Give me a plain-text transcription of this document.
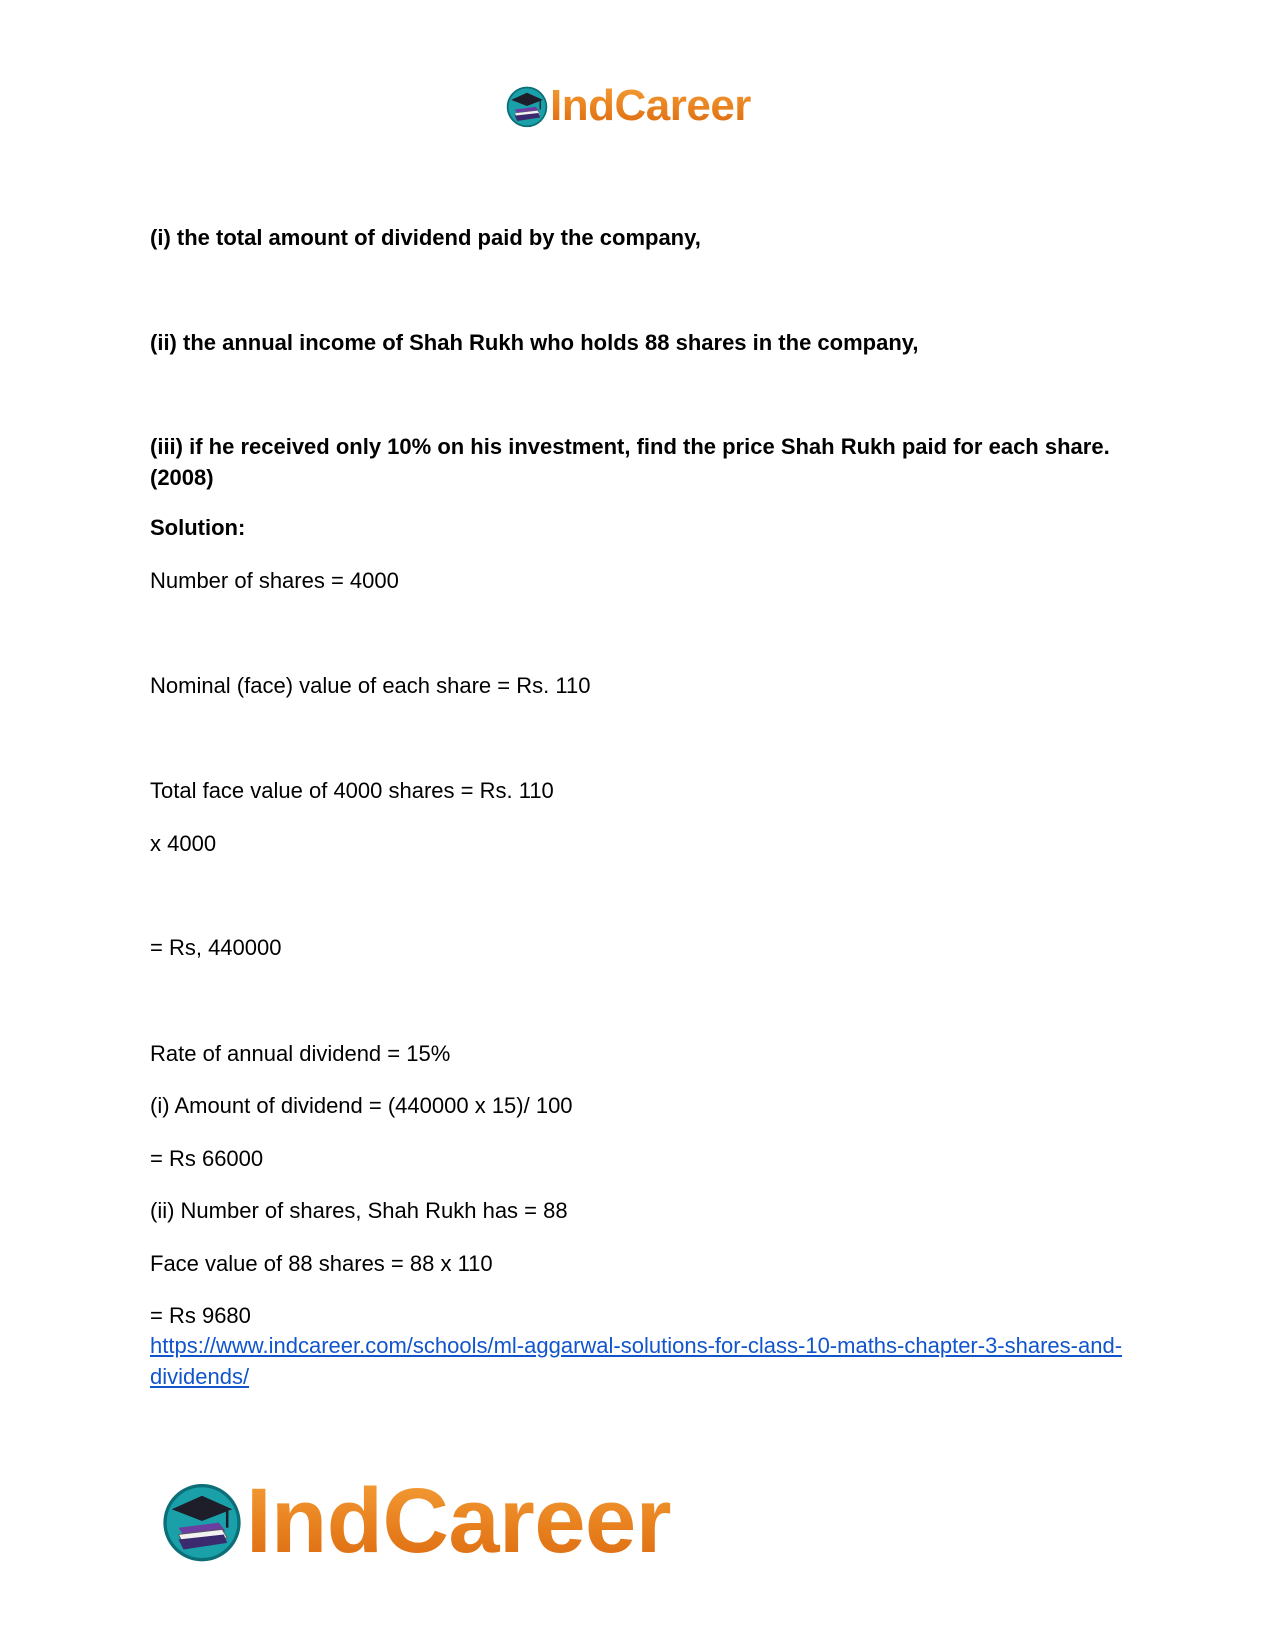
IndCareer
(i) the total amount of dividend paid by the company,
(ii) the annual income of Shah Rukh who holds 88 shares in the company,
(iii) if he received only 10% on his investment, find the price Shah Rukh paid for each share. (2008)
Solution:
Number of shares = 4000
Nominal (face) value of each share = Rs. 110
Total face value of 4000 shares = Rs. 110
x 4000
= Rs, 440000
Rate of annual dividend = 15%
(i) Amount of dividend = (440000 x 15)/ 100
= Rs 66000
(ii) Number of shares, Shah Rukh has = 88
Face value of 88 shares = 88 x 110
= Rs 9680
https://www.indcareer.com/schools/ml-aggarwal-solutions-for-class-10-maths-chapter-3-shares-and-dividends/
IndCareer
